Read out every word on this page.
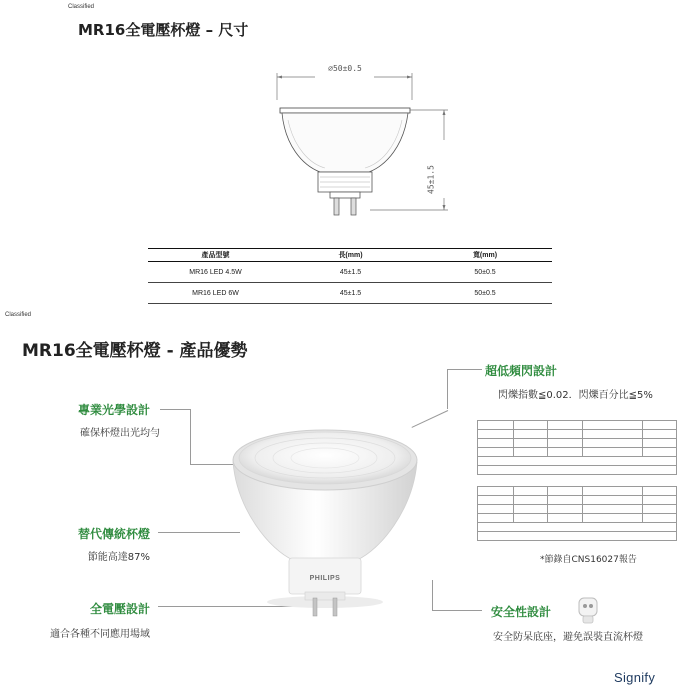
Classified
MR16全電壓杯燈 – 尺寸
⌀50±0.5
45±1.5
產品型號	長(mm)	寬(mm)
MR16 LED 4.5W	45±1.5	50±0.5
MR16 LED 6W	45±1.5	50±0.5
Classified
MR16全電壓杯燈 - 產品優勢
專業光學設計
確保杯燈出光均勻
替代傳統杯燈
節能高達87%
全電壓設計
適合各種不同應用場域
PHILIPS
超低頻閃設計
閃爍指數≦0.02．閃爍百分比≦5%

*節錄自CNS16027報告
安全性設計
安全防呆底座，避免誤裝直流杯燈
Signify
